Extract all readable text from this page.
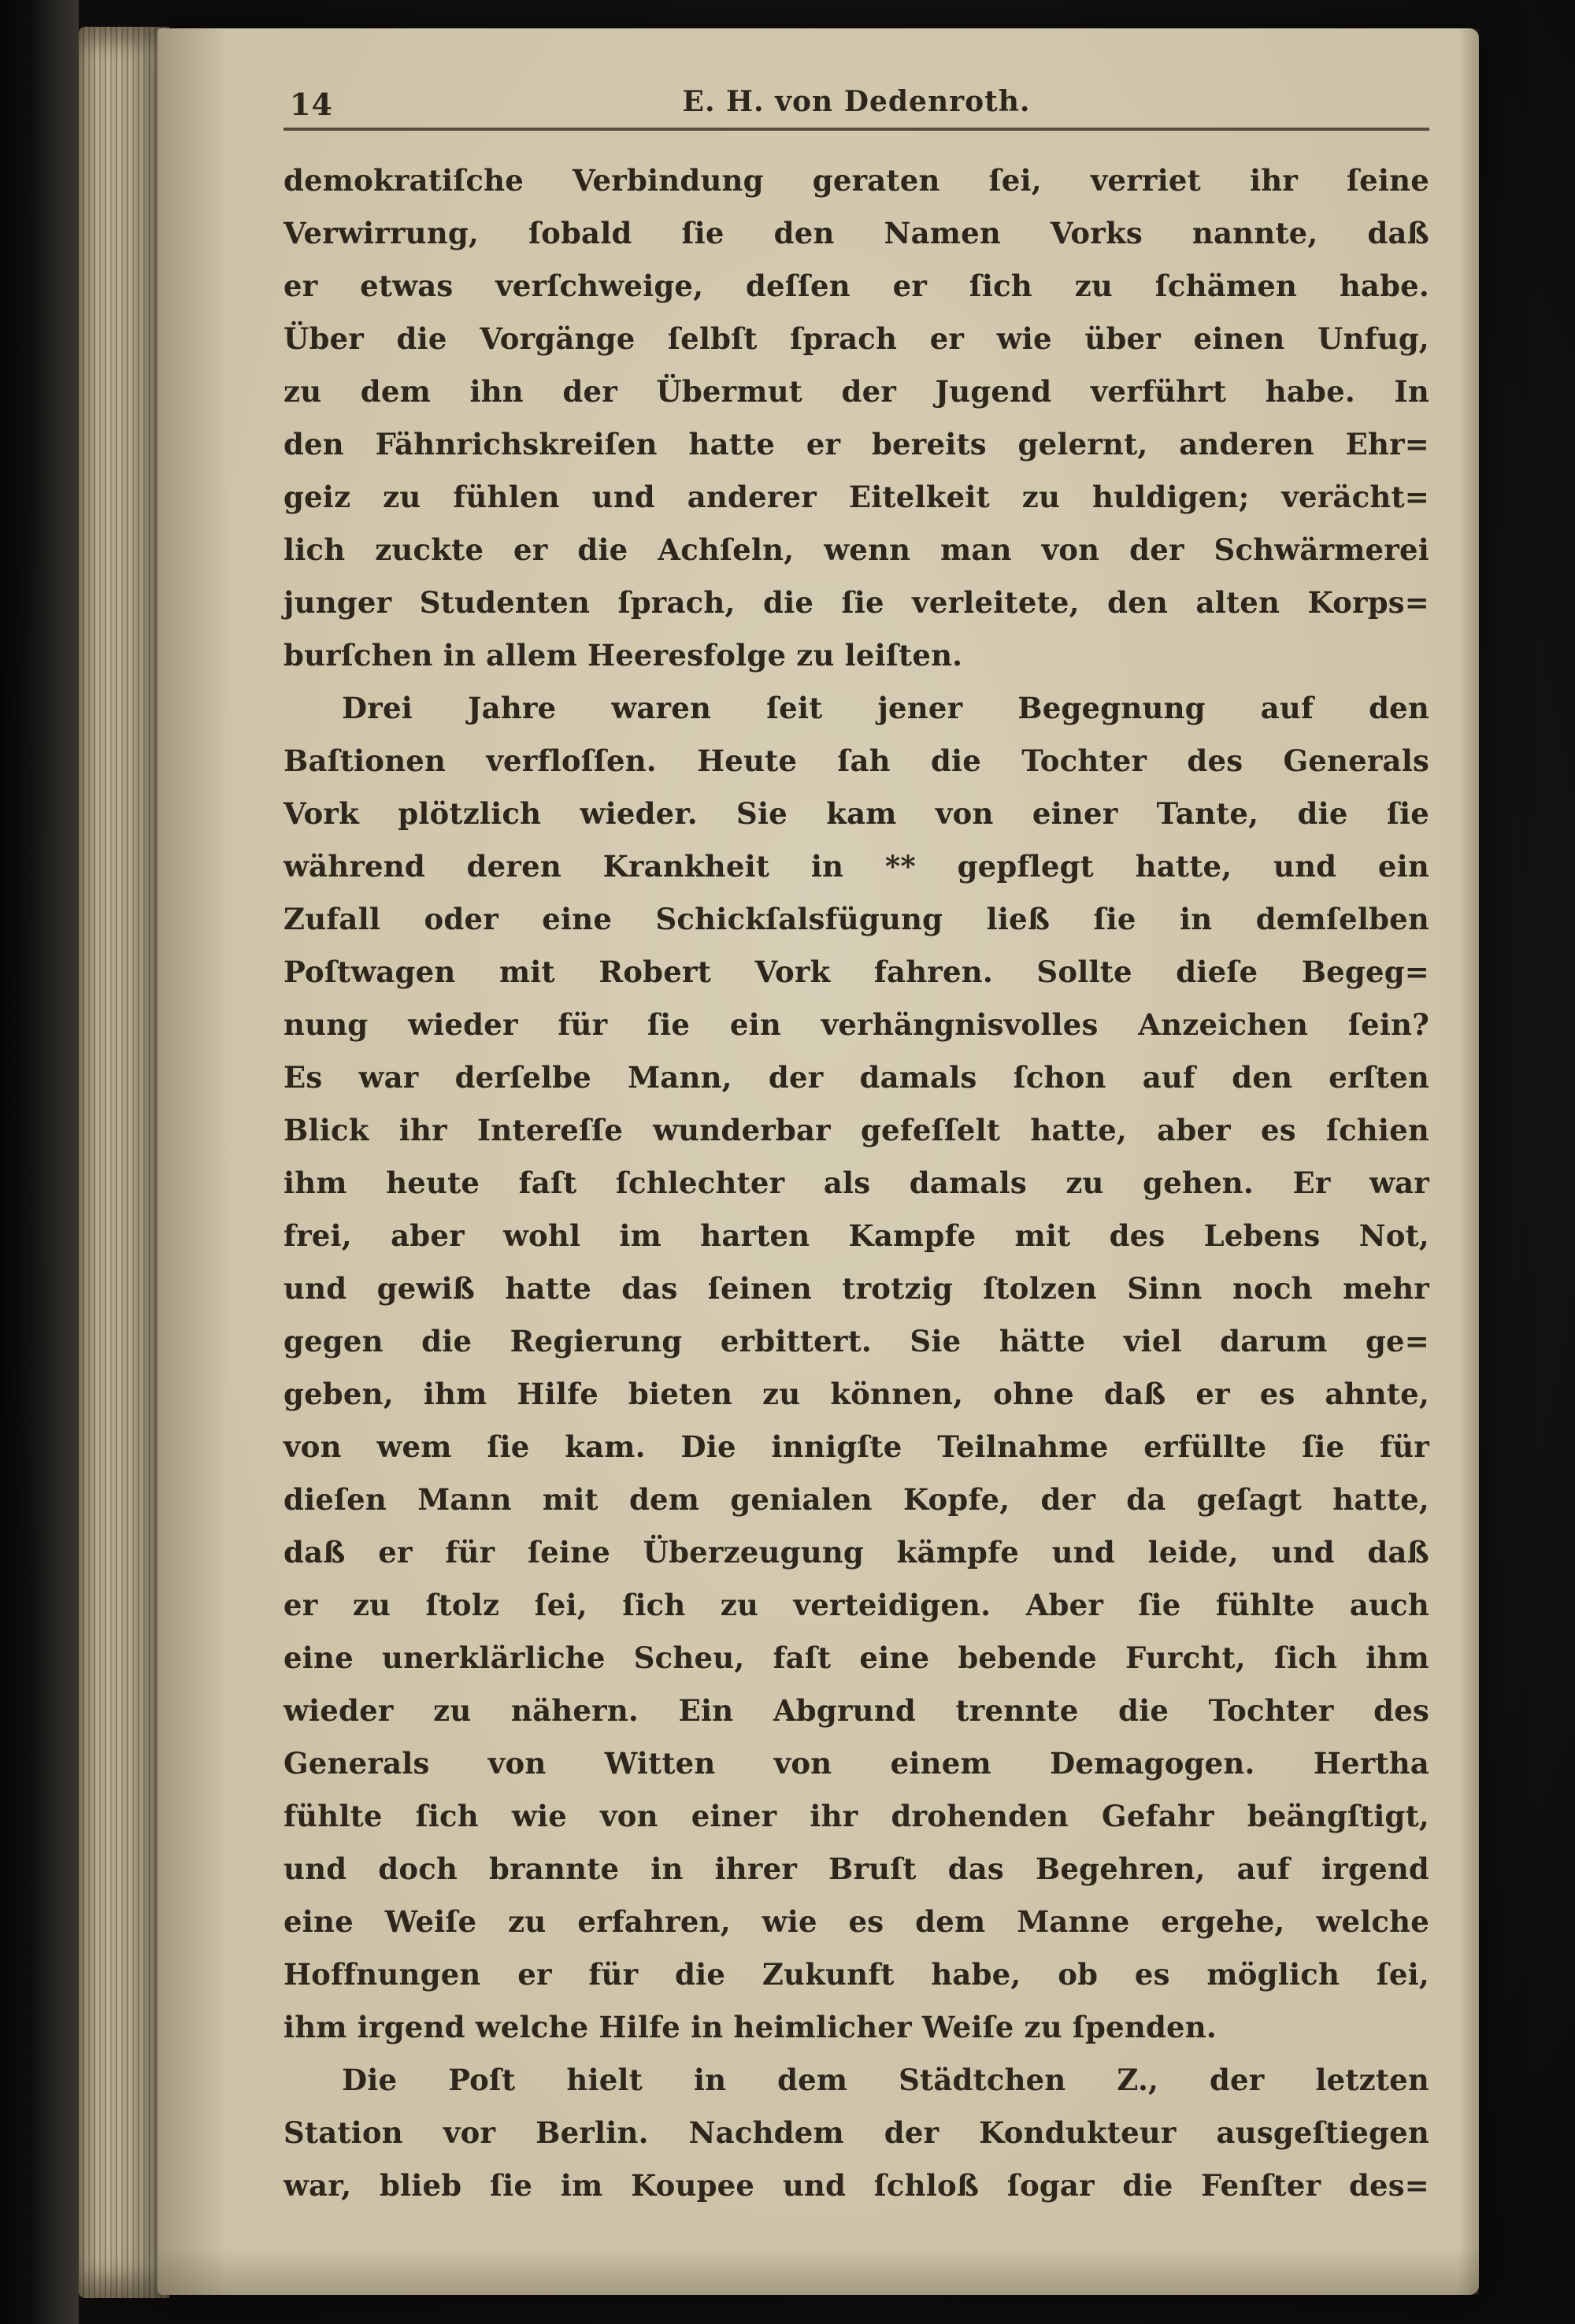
14	E. H. von Dedenroth.
demokratiſche Verbindung geraten ſei, verriet ihr ſeine
Verwirrung, ſobald ſie den Namen Vorks nannte, daß
er etwas verſchweige, deſſen er ſich zu ſchämen habe.
Über die Vorgänge ſelbſt ſprach er wie über einen Unfug,
zu dem ihn der Übermut der Jugend verführt habe. In
den Fähnrichskreiſen hatte er bereits gelernt, anderen Ehr=
geiz zu fühlen und anderer Eitelkeit zu huldigen; verächt=
lich zuckte er die Achſeln, wenn man von der Schwärmerei
junger Studenten ſprach, die ſie verleitete, den alten Korps=
burſchen in allem Heeresfolge zu leiſten.
Drei Jahre waren ſeit jener Begegnung auf den
Baſtionen verfloſſen. Heute ſah die Tochter des Generals
Vork plötzlich wieder. Sie kam von einer Tante, die ſie
während deren Krankheit in ** gepflegt hatte, und ein
Zufall oder eine Schickſalsfügung ließ ſie in demſelben
Poſtwagen mit Robert Vork fahren. Sollte dieſe Begeg=
nung wieder für ſie ein verhängnisvolles Anzeichen ſein?
Es war derſelbe Mann, der damals ſchon auf den erſten
Blick ihr Intereſſe wunderbar gefeſſelt hatte, aber es ſchien
ihm heute faſt ſchlechter als damals zu gehen. Er war
frei, aber wohl im harten Kampfe mit des Lebens Not,
und gewiß hatte das ſeinen trotzig ſtolzen Sinn noch mehr
gegen die Regierung erbittert. Sie hätte viel darum ge=
geben, ihm Hilfe bieten zu können, ohne daß er es ahnte,
von wem ſie kam. Die innigſte Teilnahme erfüllte ſie für
dieſen Mann mit dem genialen Kopfe, der da geſagt hatte,
daß er für ſeine Überzeugung kämpfe und leide, und daß
er zu ſtolz ſei, ſich zu verteidigen. Aber ſie fühlte auch
eine unerklärliche Scheu, faſt eine bebende Furcht, ſich ihm
wieder zu nähern. Ein Abgrund trennte die Tochter des
Generals von Witten von einem Demagogen. Hertha
fühlte ſich wie von einer ihr drohenden Gefahr beängſtigt,
und doch brannte in ihrer Bruſt das Begehren, auf irgend
eine Weiſe zu erfahren, wie es dem Manne ergehe, welche
Hoffnungen er für die Zukunft habe, ob es möglich ſei,
ihm irgend welche Hilfe in heimlicher Weiſe zu ſpenden.
Die Poſt hielt in dem Städtchen Z., der letzten
Station vor Berlin. Nachdem der Kondukteur ausgeſtiegen
war, blieb ſie im Koupee und ſchloß ſogar die Fenſter des=
